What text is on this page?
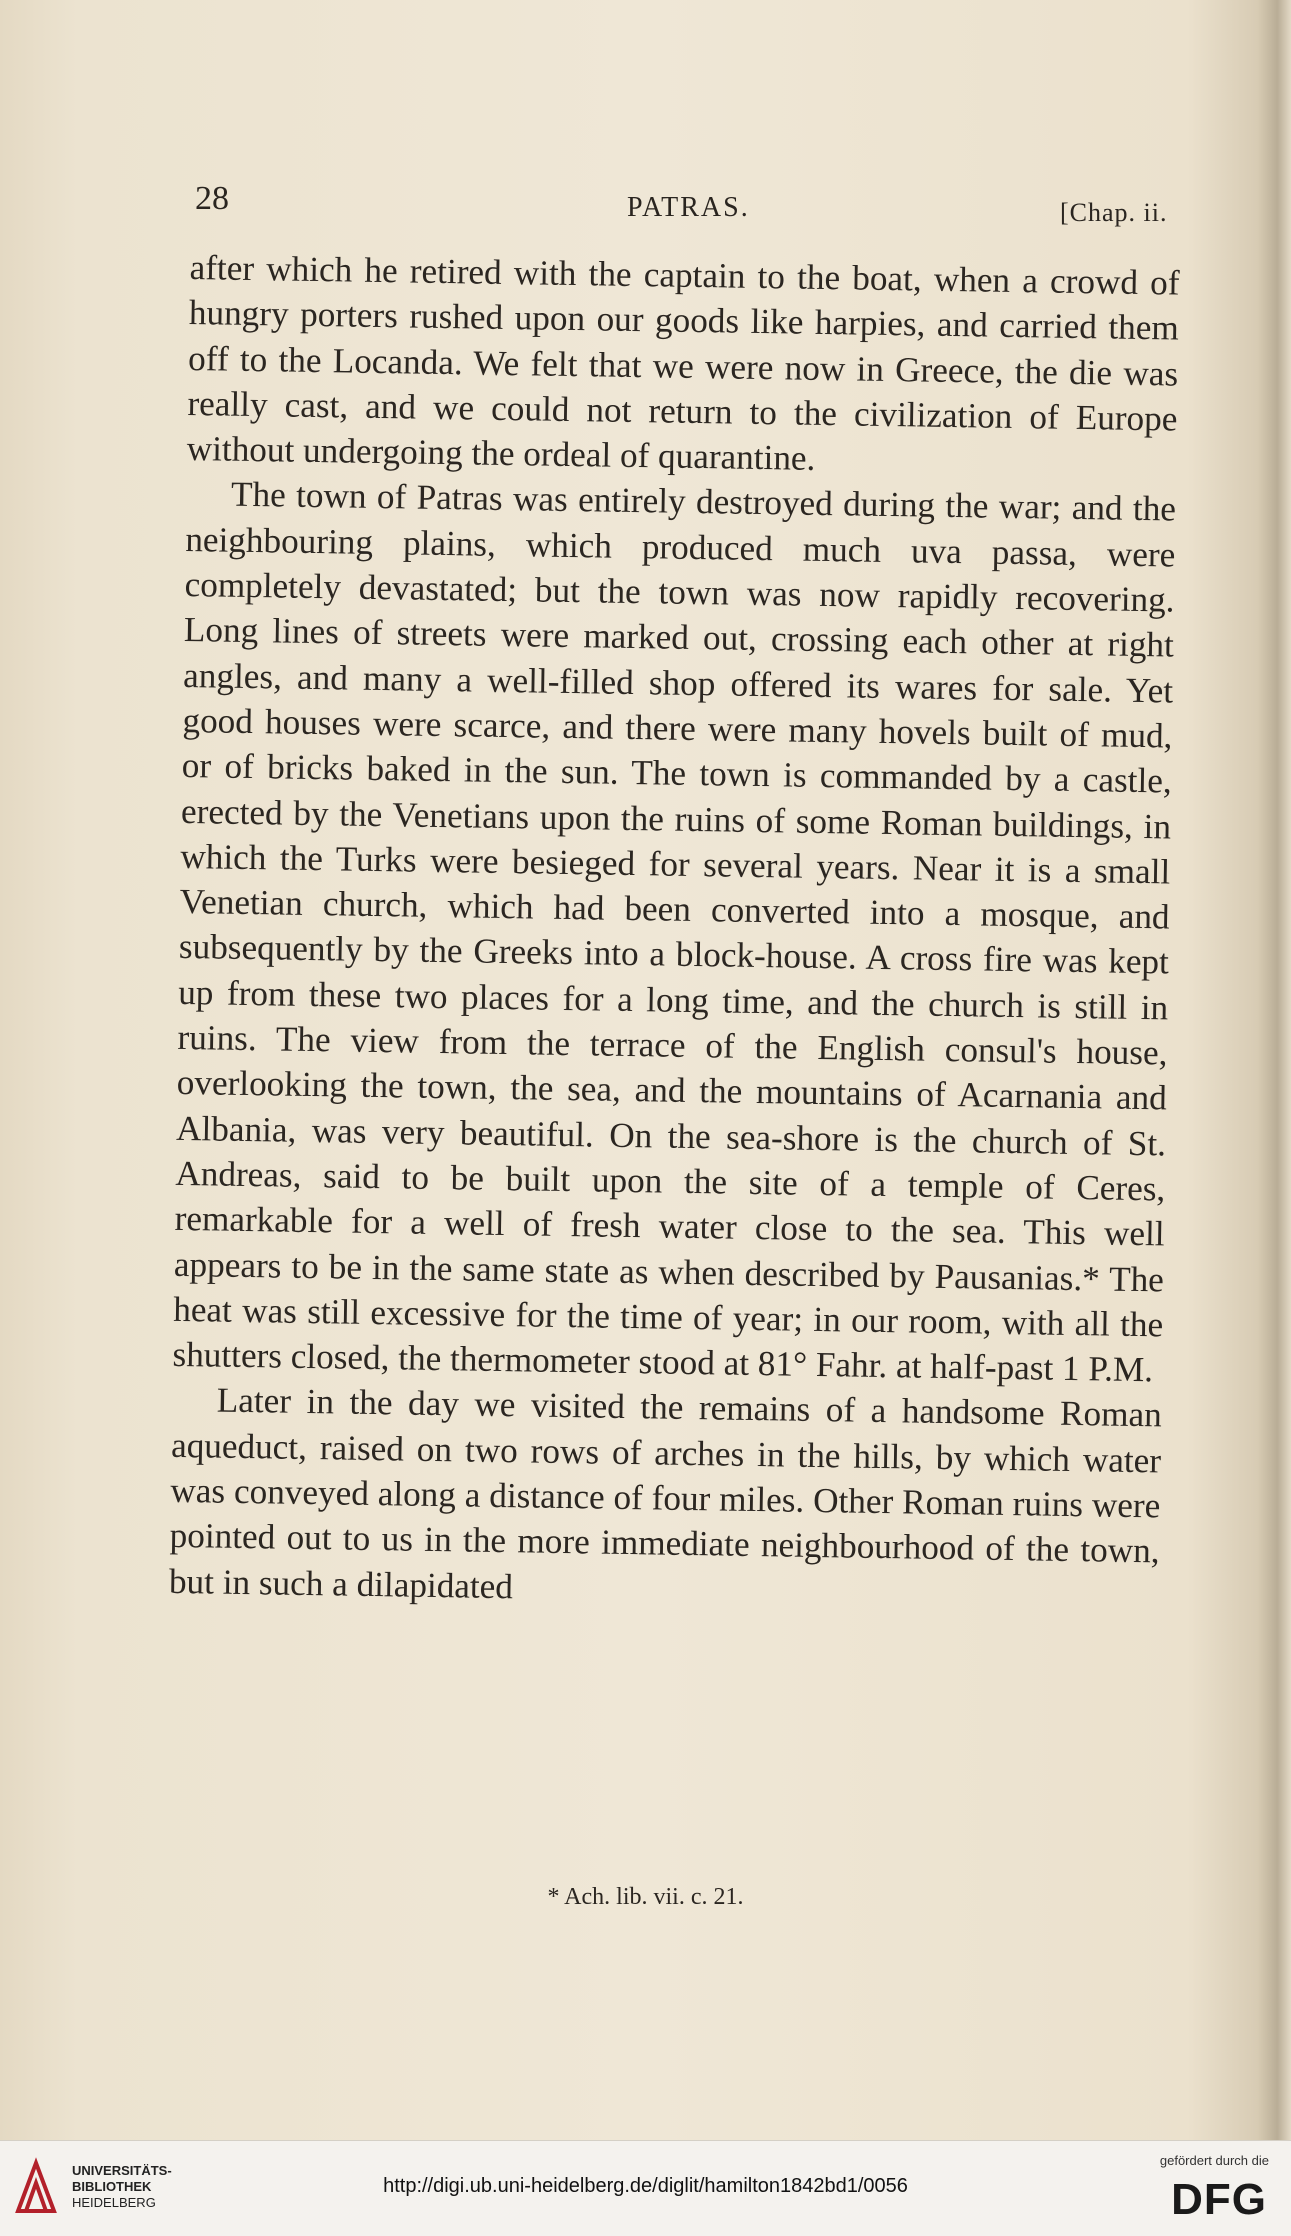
28	PATRAS.	[Chap. ii.

after which he retired with the captain to the boat, when a crowd of hungry porters rushed upon our goods like harpies, and carried them off to the Locanda. We felt that we were now in Greece, the die was really cast, and we could not return to the civilization of Europe without undergoing the ordeal of quarantine.

The town of Patras was entirely destroyed during the war; and the neighbouring plains, which produced much uva passa, were completely devastated; but the town was now rapidly recovering. Long lines of streets were marked out, crossing each other at right angles, and many a well-filled shop offered its wares for sale. Yet good houses were scarce, and there were many hovels built of mud, or of bricks baked in the sun. The town is commanded by a castle, erected by the Venetians upon the ruins of some Roman buildings, in which the Turks were besieged for several years. Near it is a small Venetian church, which had been converted into a mosque, and subsequently by the Greeks into a block-house. A cross fire was kept up from these two places for a long time, and the church is still in ruins. The view from the terrace of the English consul's house, overlooking the town, the sea, and the mountains of Acarnania and Albania, was very beautiful. On the sea-shore is the church of St. Andreas, said to be built upon the site of a temple of Ceres, remarkable for a well of fresh water close to the sea. This well appears to be in the same state as when described by Pausanias.* The heat was still excessive for the time of year; in our room, with all the shutters closed, the thermometer stood at 81° Fahr. at half-past 1 P.M.

Later in the day we visited the remains of a handsome Roman aqueduct, raised on two rows of arches in the hills, by which water was conveyed along a distance of four miles. Other Roman ruins were pointed out to us in the more immediate neighbourhood of the town, but in such a dilapidated

* Ach. lib. vii. c. 21.
UNIVERSITÄTS-
BIBLIOTHEK
HEIDELBERG
http://digi.ub.uni-heidelberg.de/diglit/hamilton1842bd1/0056
gefördert durch die
DFG
